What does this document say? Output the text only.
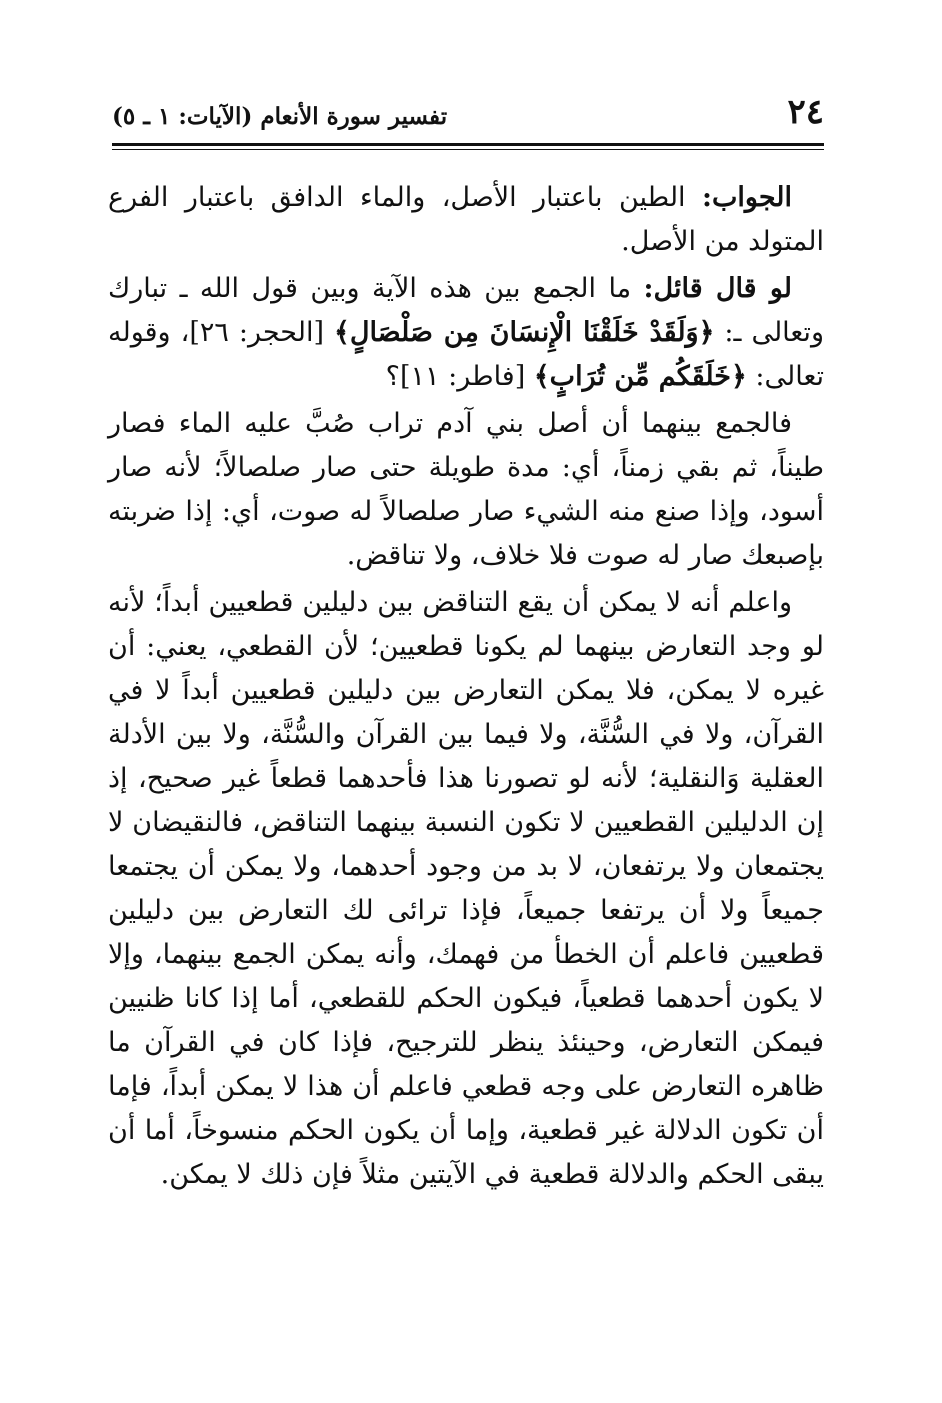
٢٤
تفسير سورة الأنعام (الآيات: ١ ـ ٥)

الجواب: الطين باعتبار الأصل، والماء الدافق باعتبار الفرع المتولد من الأصل.

لو قال قائل: ما الجمع بين هذه الآية وبين قول الله ـ تبارك وتعالى ـ: ﴿وَلَقَدْ خَلَقْنَا الْإِنسَانَ مِن صَلْصَالٍ﴾ [الحجر: ٢٦]، وقوله تعالى: ﴿خَلَقَكُم مِّن تُرَابٍ﴾ [فاطر: ١١]؟

فالجمع بينهما أن أصل بني آدم تراب صُبَّ عليه الماء فصار طيناً، ثم بقي زمناً، أي: مدة طويلة حتى صار صلصالاً؛ لأنه صار أسود، وإذا صنع منه الشيء صار صلصالاً له صوت، أي: إذا ضربته بإصبعك صار له صوت فلا خلاف، ولا تناقض.

واعلم أنه لا يمكن أن يقع التناقض بين دليلين قطعيين أبداً؛ لأنه لو وجد التعارض بينهما لم يكونا قطعيين؛ لأن القطعي، يعني: أن غيره لا يمكن، فلا يمكن التعارض بين دليلين قطعيين أبداً لا في القرآن، ولا في السُّنَّة، ولا فيما بين القرآن والسُّنَّة، ولا بين الأدلة العقلية وَالنقلية؛ لأنه لو تصورنا هذا فأحدهما قطعاً غير صحيح، إذ إن الدليلين القطعيين لا تكون النسبة بينهما التناقض، فالنقيضان لا يجتمعان ولا يرتفعان، لا بد من وجود أحدهما، ولا يمكن أن يجتمعا جميعاً ولا أن يرتفعا جميعاً، فإذا ترائى لك التعارض بين دليلين قطعيين فاعلم أن الخطأ من فهمك، وأنه يمكن الجمع بينهما، وإلا لا يكون أحدهما قطعياً، فيكون الحكم للقطعي، أما إذا كانا ظنيين فيمكن التعارض، وحينئذ ينظر للترجيح، فإذا كان في القرآن ما ظاهره التعارض على وجه قطعي فاعلم أن هذا لا يمكن أبداً، فإما أن تكون الدلالة غير قطعية، وإما أن يكون الحكم منسوخاً، أما أن يبقى الحكم والدلالة قطعية في الآيتين مثلاً فإن ذلك لا يمكن.
